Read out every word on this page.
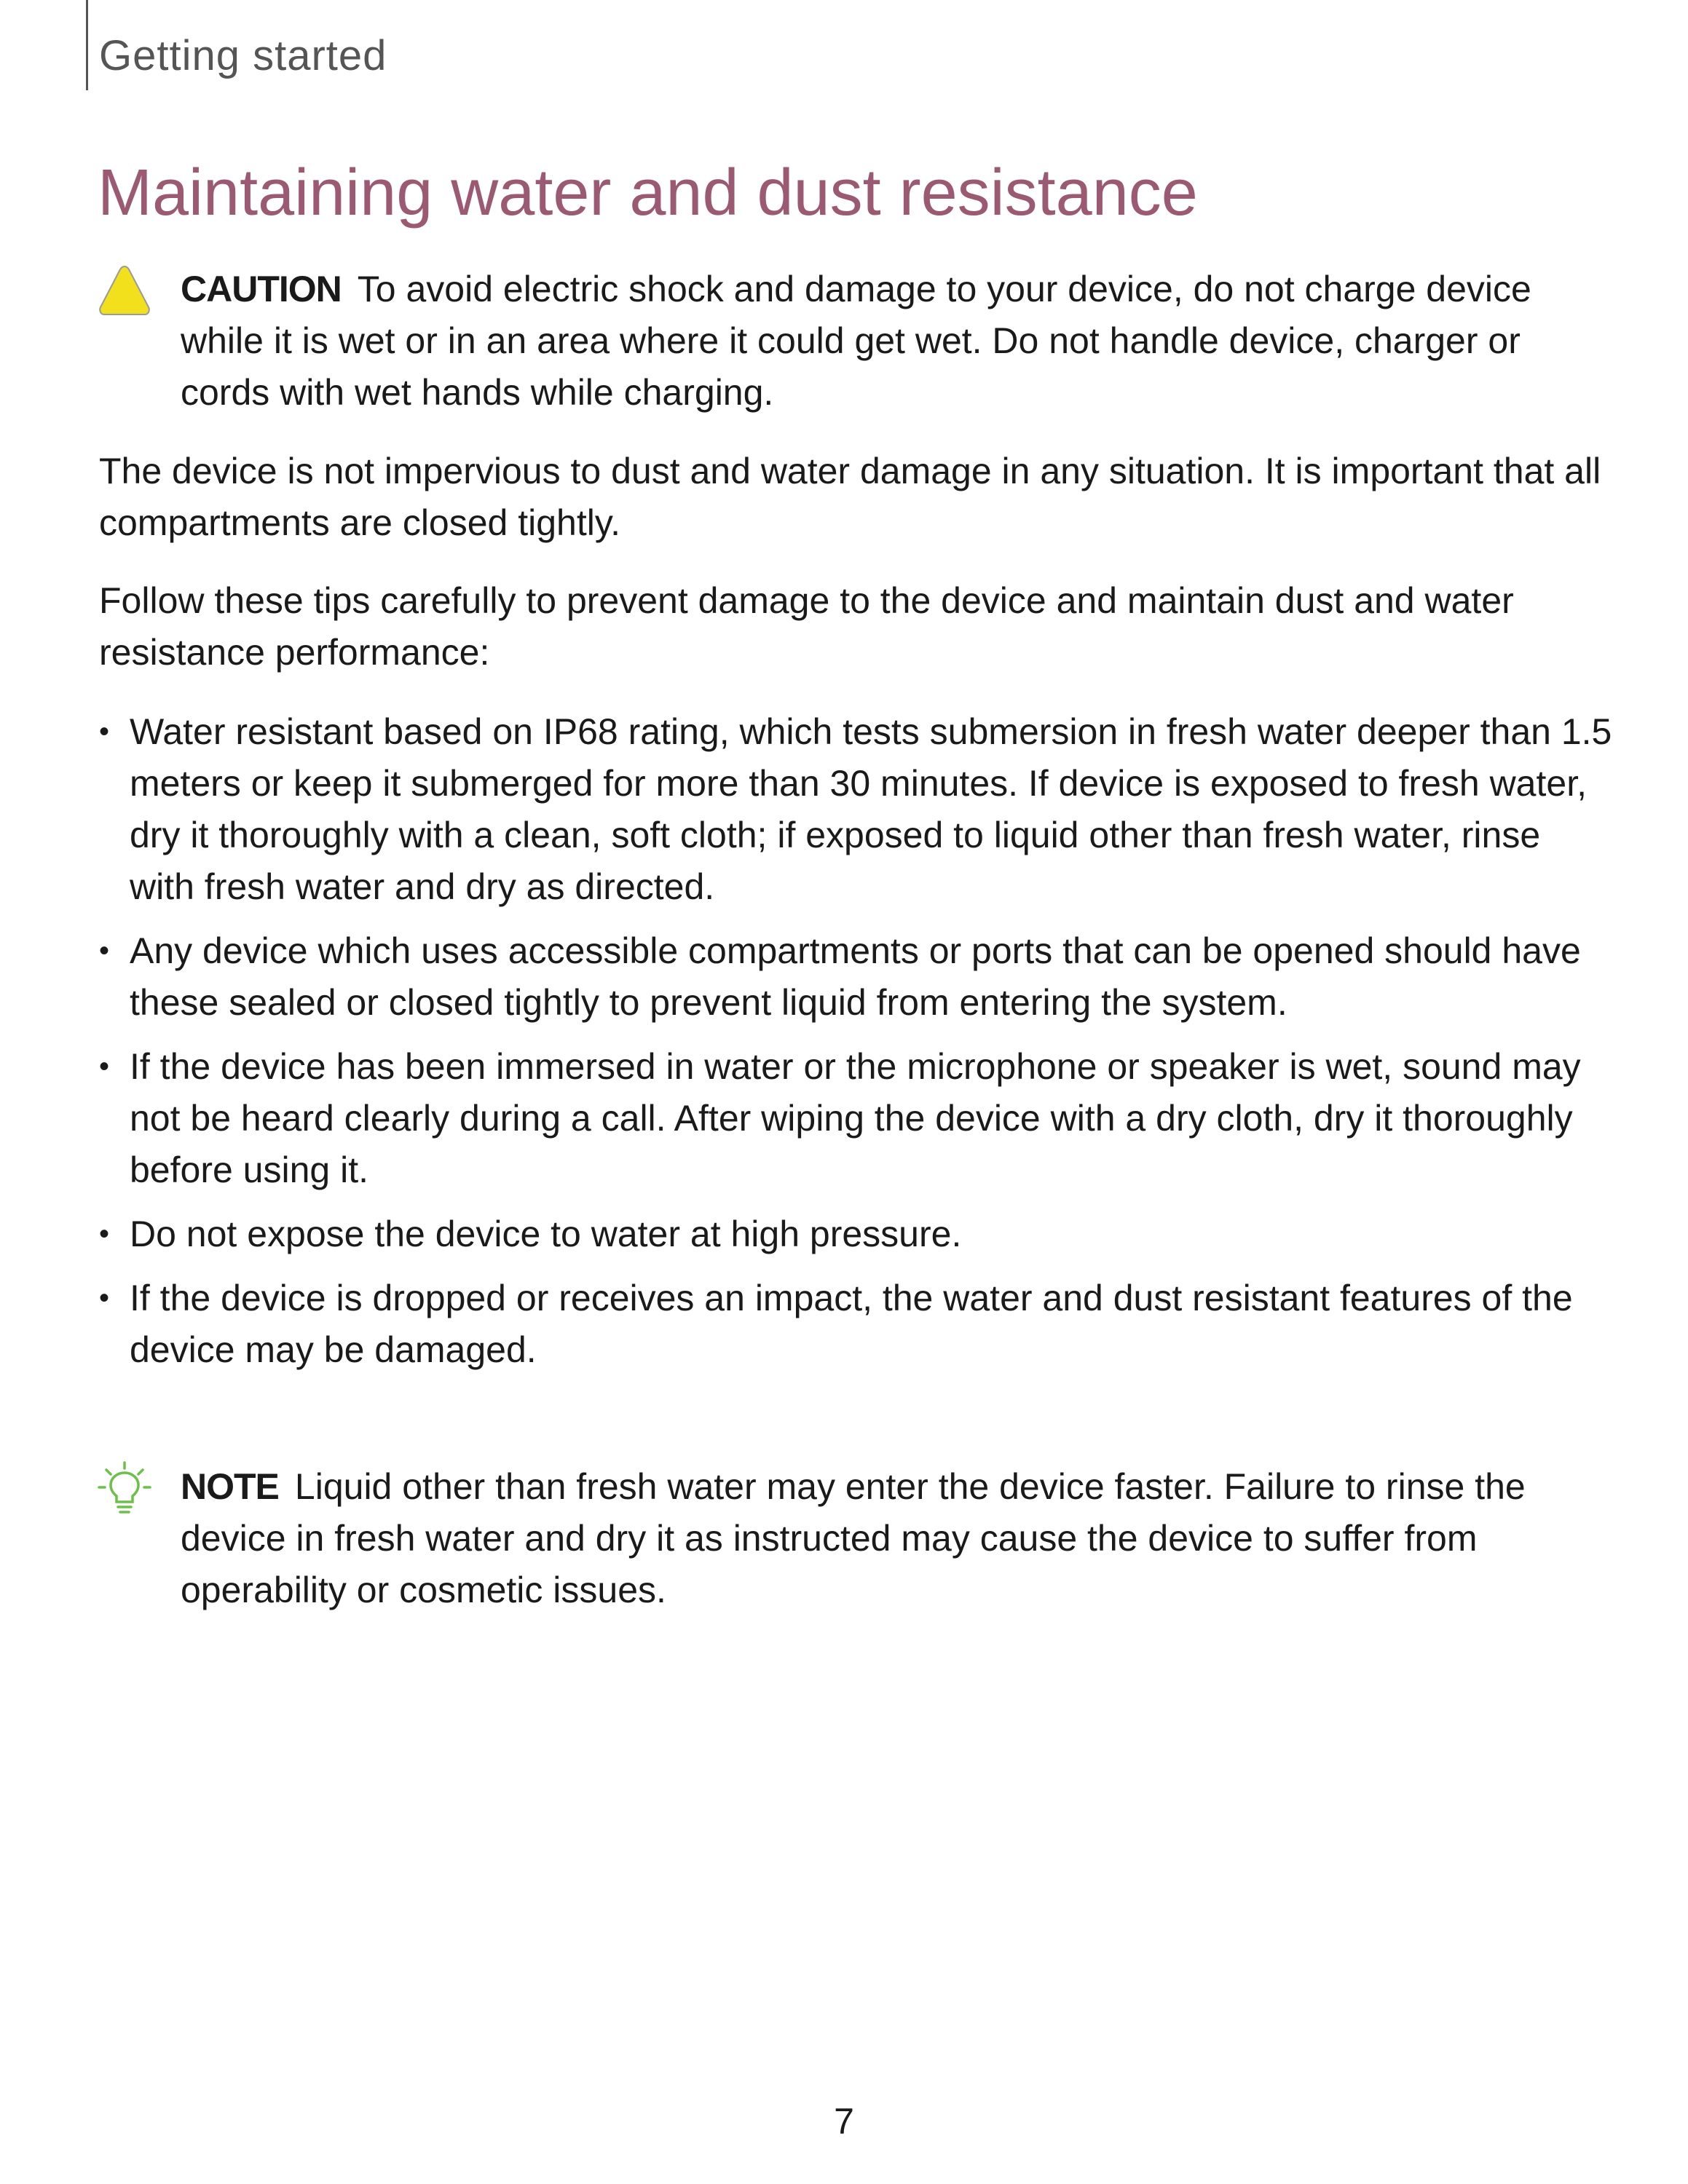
Getting started
Maintaining water and dust resistance
CAUTION To avoid electric shock and damage to your device, do not charge device while it is wet or in an area where it could get wet. Do not handle device, charger or cords with wet hands while charging.

The device is not impervious to dust and water damage in any situation. It is important that all compartments are closed tightly.

Follow these tips carefully to prevent damage to the device and maintain dust and water resistance performance:

• Water resistant based on IP68 rating, which tests submersion in fresh water deeper than 1.5 meters or keep it submerged for more than 30 minutes. If device is exposed to fresh water, dry it thoroughly with a clean, soft cloth; if exposed to liquid other than fresh water, rinse with fresh water and dry as directed.
• Any device which uses accessible compartments or ports that can be opened should have these sealed or closed tightly to prevent liquid from entering the system.
• If the device has been immersed in water or the microphone or speaker is wet, sound may not be heard clearly during a call. After wiping the device with a dry cloth, dry it thoroughly before using it.
• Do not expose the device to water at high pressure.
• If the device is dropped or receives an impact, the water and dust resistant features of the device may be damaged.
NOTE Liquid other than fresh water may enter the device faster. Failure to rinse the device in fresh water and dry it as instructed may cause the device to suffer from operability or cosmetic issues.
7
